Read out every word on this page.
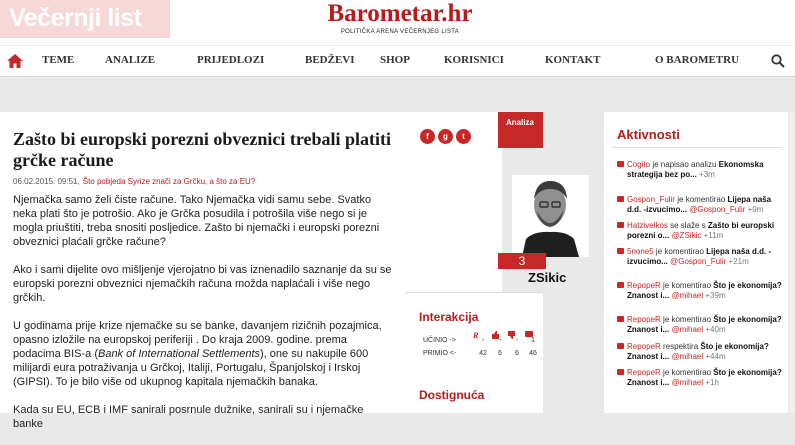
Večernji list	Barometar.hr
POLITIČKA ARENA VEČERNJEG LISTA
TEME	ANALIZE	PRIJEDLOZI	BEDŽEVI SHOP	KORISNICI	KONTAKT	O BAROMETRU
Zašto bi europski porezni obveznici trebali platiti grčke račune
f	g	t
06.02.2015. 09:51, Što pobjeda Syrize znači za Grčku, a što za EU?

Njemačka samo želi čiste račune. Tako Njemačka vidi samu sebe. Svatko neka plati što je potrošio. Ako je Grčka posudila i potrošila više nego si je mogla priuštiti, treba snositi posljedice. Zašto bi njemački i europski porezni obveznici plaćali grčke račune?

Ako i sami dijelite ovo mišljenje vjerojatno bi vas iznenadilo saznanje da su se europski porezni obveznici njemačkih računa možda naplaćali i više nego grčkih.

U godinama prije krize njemačke su se banke, davanjem rizičnih pozajmica, opasno izložile na europskoj periferiji . Do kraja 2009. godine. prema podacima BIS-a (Bank of International Settlements), one su nakupile 600 milijardi eura potraživanja u Grčkoj, Italiji, Portugalu, Španjolskoj i Irskoj (GIPSI). To je bilo više od ukupnog kapitala njemačkih banaka.

Kada su EU, ECB i IMF sanirali posrnule dužnike, sanirali su i njemačke banke

Analiza
3
ZSikic
Interakcija
R
UČINIO ->	-	-	-	1
PRIMIO <-	42	6	6	46
Dostignuća
Aktivnosti
Cogito je napisao analizu Ekonomska strategija bez po... +3m
Gospon_Fulir je komentirao Lijepa naša d.d. -izvucimo... @Gospon_Fulir +9m
Hatzivelkos se slaže s Zašto bi europski porezni o... @ZSikic +11m
5none5 je komentirao Lijepa naša d.d. -izvucimo... @Gospon_Fulir +21m
RepopeR je komentirao Što je ekonomija? Znanost i... @mihael +39m
RepopeR je komentirao Što je ekonomija? Znanost i... @mihael +40m
RepopeR respektira Što je ekonomija? Znanost i... @mihael +44m
RepopeR je komentirao Što je ekonomija? Znanost i... @mihael +1h
